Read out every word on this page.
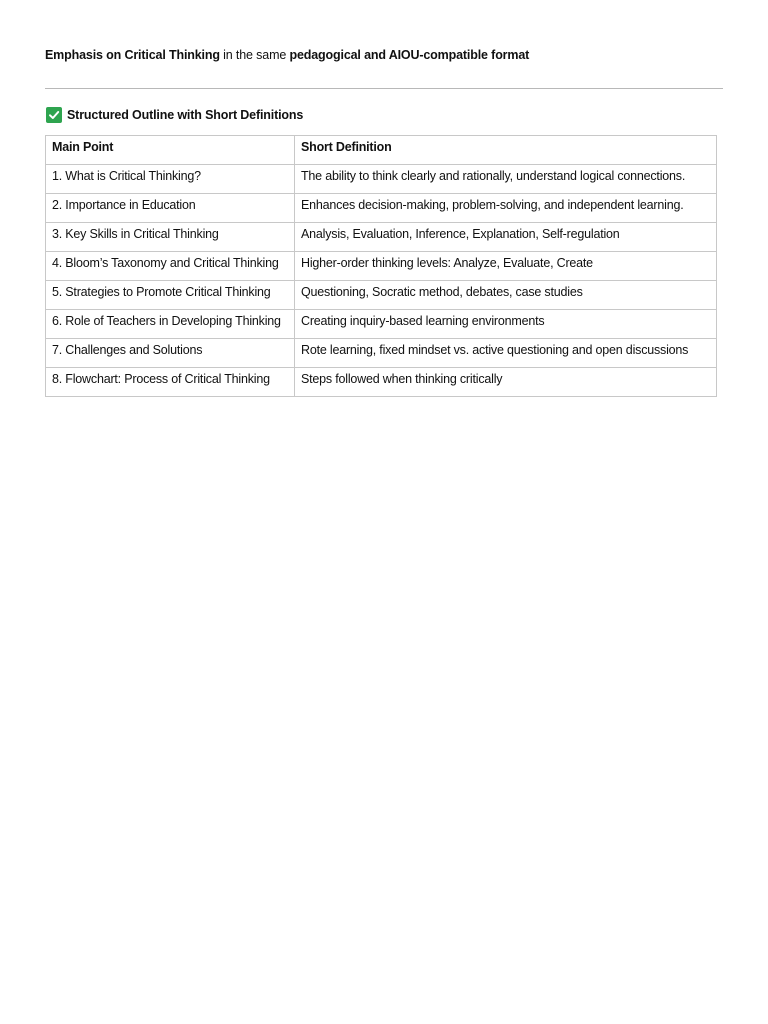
Emphasis on Critical Thinking in the same pedagogical and AIOU-compatible format
Structured Outline with Short Definitions
Main Point	Short Definition
1. What is Critical Thinking?	The ability to think clearly and rationally, understand logical connections.
2. Importance in Education	Enhances decision-making, problem-solving, and independent learning.
3. Key Skills in Critical Thinking	Analysis, Evaluation, Inference, Explanation, Self-regulation
4. Bloom’s Taxonomy and Critical Thinking	Higher-order thinking levels: Analyze, Evaluate, Create
5. Strategies to Promote Critical Thinking	Questioning, Socratic method, debates, case studies
6. Role of Teachers in Developing Thinking	Creating inquiry-based learning environments
7. Challenges and Solutions	Rote learning, fixed mindset vs. active questioning and open discussions
8. Flowchart: Process of Critical Thinking	Steps followed when thinking critically
